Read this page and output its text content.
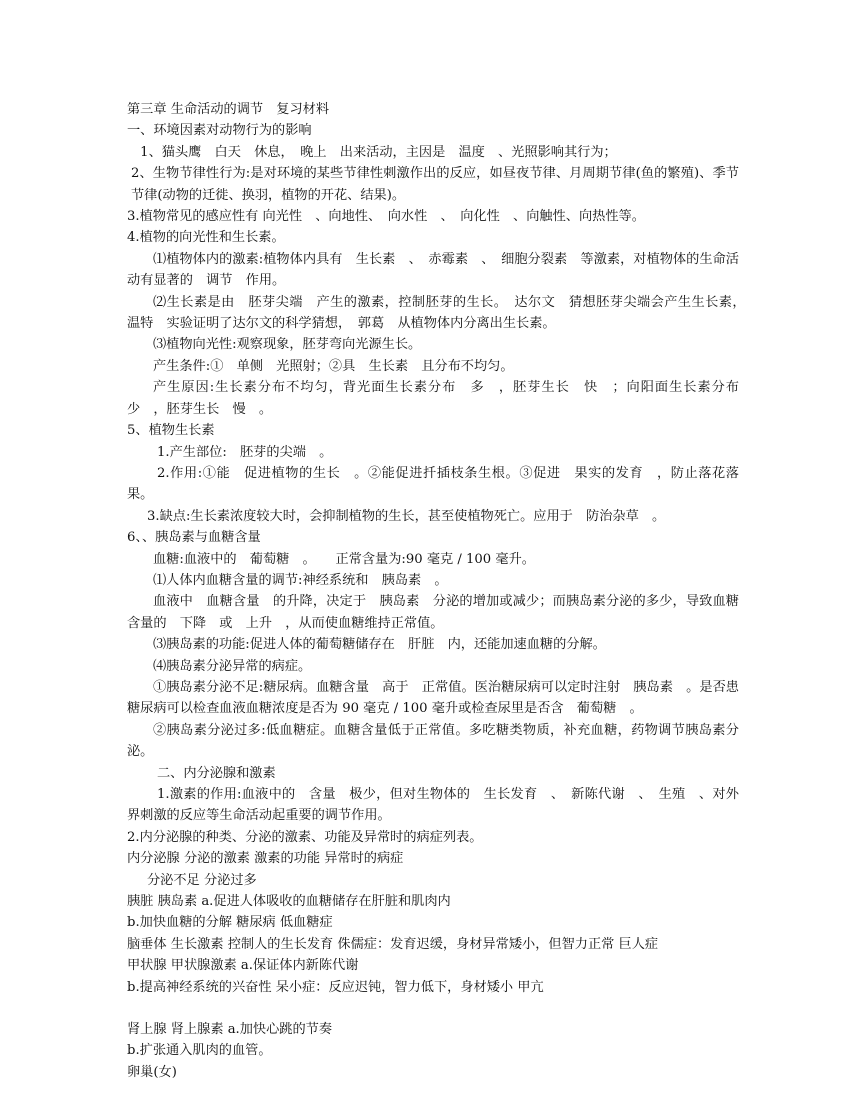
第三章 生命活动的调节　复习材料
一、环境因素对动物行为的影响
　1、猫头鹰　白天　休息，　晚上　出来活动，主因是　温度　、光照影响其行为；
2、生物节律性行为:是对环境的某些节律性刺激作出的反应，如昼夜节律、月周期节律(鱼的繁殖)、季节节律(动物的迁徙、换羽，植物的开花、结果)。
3.植物常见的感应性有 向光性　、向地性、　向水性　、　向化性　、向触性、向热性等。
4.植物的向光性和生长素。
⑴植物体内的激素:植物体内具有　生长素　、　赤霉素　、　细胞分裂素　等激素，对植物体的生命活动有显著的　调节　作用。
⑵生长素是由　胚芽尖端　产生的激素，控制胚芽的生长。　达尔文　猜想胚芽尖端会产生生长素，　温特　实验证明了达尔文的科学猜想，　郭葛　从植物体内分离出生长素。
⑶植物向光性:观察现象，胚芽弯向光源生长。
产生条件:①　单侧　光照射；②具　生长素　且分布不均匀。
产生原因:生长素分布不均匀，背光面生长素分布　多　，胚芽生长　快　；向阳面生长素分布　少　，胚芽生长　慢　。
5、植物生长素
1.产生部位:　胚芽的尖端　。
2.作用:①能　促进植物的生长　。②能促进扦插枝条生根。③促进　果实的发育　，防止落花落果。
3.缺点:生长素浓度较大时，会抑制植物的生长，甚至使植物死亡。应用于　防治杂草　。
6、、胰岛素与血糖含量
血糖:血液中的　葡萄糖　。　　正常含量为:90 毫克 / 100 毫升。
⑴人体内血糖含量的调节:神经系统和　胰岛素　。
血液中　血糖含量　的升降，决定于　胰岛素　分泌的增加或减少；而胰岛素分泌的多少，导致血糖含量的　下降　或　上升　，从而使血糖维持正常值。
⑶胰岛素的功能:促进人体的葡萄糖储存在　肝脏　内，还能加速血糖的分解。
⑷胰岛素分泌异常的病症。
①胰岛素分泌不足:糖尿病。血糖含量　高于　正常值。医治糖尿病可以定时注射　胰岛素　。是否患糖尿病可以检查血液血糖浓度是否为 90 毫克 / 100 毫升或检查尿里是否含　葡萄糖　。
②胰岛素分泌过多:低血糖症。血糖含量低于正常值。多吃糖类物质，补充血糖，药物调节胰岛素分泌。
二、内分泌腺和激素
1.激素的作用:血液中的　含量　极少，但对生物体的　生长发育　、　新陈代谢　、　生殖　、对外界刺激的反应等生命活动起重要的调节作用。
2.内分泌腺的种类、分泌的激素、功能及异常时的病症列表。
内分泌腺 分泌的激素 激素的功能 异常时的病症
分泌不足 分泌过多
胰脏 胰岛素 a.促进人体吸收的血糖储存在肝脏和肌肉内
b.加快血糖的分解 糖尿病 低血糖症
脑垂体 生长激素 控制人的生长发育 侏儒症：发育迟缓，身材异常矮小，但智力正常 巨人症
甲状腺 甲状腺激素 a.保证体内新陈代谢
b.提高神经系统的兴奋性 呆小症：反应迟钝，智力低下，身材矮小 甲亢
肾上腺 肾上腺素 a.加快心跳的节奏
b.扩张通入肌肉的血管。
卵巢(女)
